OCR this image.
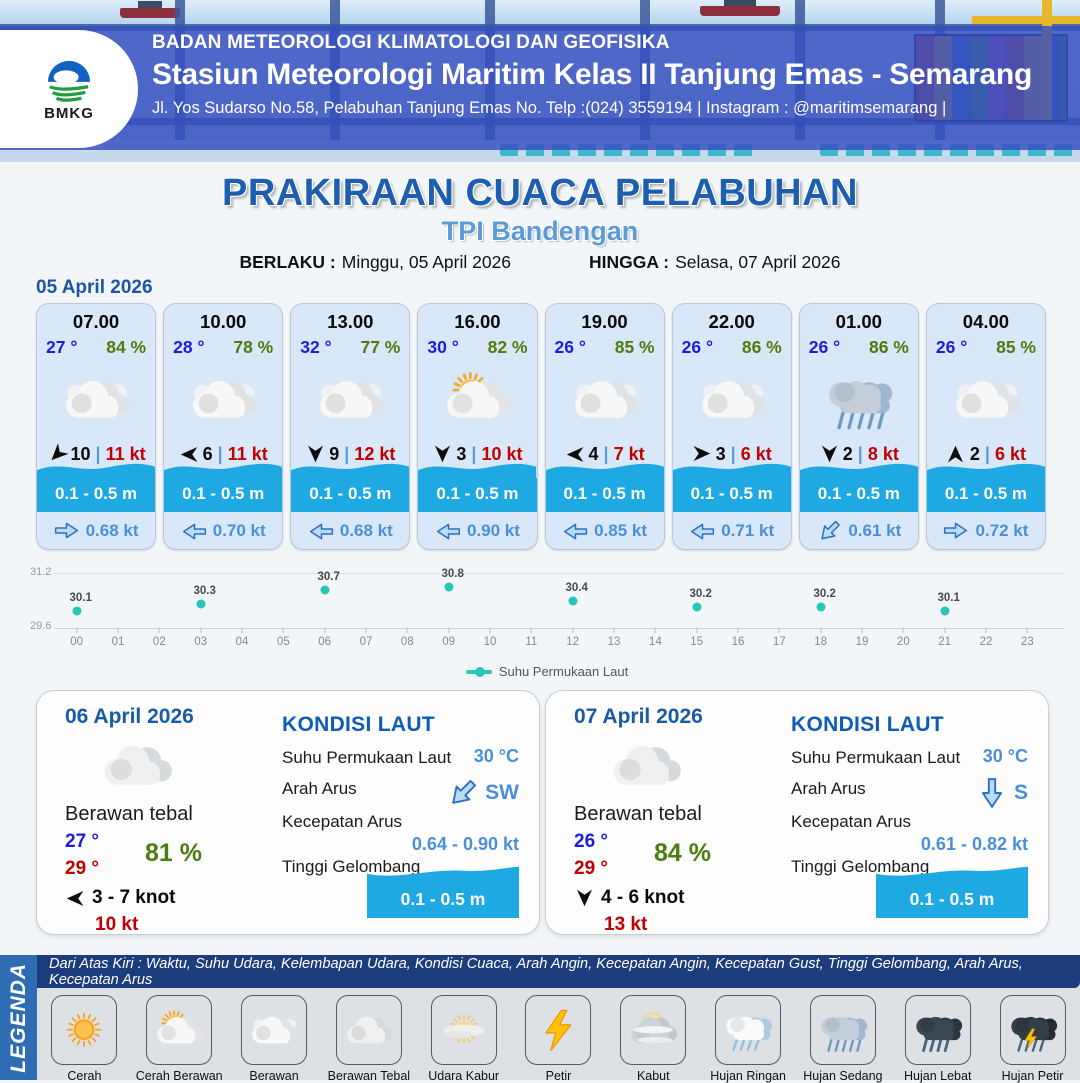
BMKG
BADAN METEOROLOGI KLIMATOLOGI DAN GEOFISIKA
Stasiun Meteorologi Maritim Kelas II Tanjung Emas - Semarang
Jl. Yos Sudarso No.58, Pelabuhan Tanjung Emas No. Telp :(024) 3559194 | Instagram : @maritimsemarang |
PRAKIRAAN CUACA PELABUHAN
TPI Bandengan
BERLAKU : Minggu, 05 April 2026	HINGGA : Selasa, 07 April 2026
05 April 2026
07.00
27 ° 84 %
10 | 11 kt
0.1 - 0.5 m
0.68 kt
10.00
28 ° 78 %
6 | 11 kt
0.1 - 0.5 m
0.70 kt
13.00
32 ° 77 %
9 | 12 kt
0.1 - 0.5 m
0.68 kt
16.00
30 ° 82 %
3 | 10 kt
0.1 - 0.5 m
0.90 kt
19.00
26 ° 85 %
4 | 7 kt
0.1 - 0.5 m
0.85 kt
22.00
26 ° 86 %
3 | 6 kt
0.1 - 0.5 m
0.71 kt
01.00
26 ° 86 %
2 | 8 kt
0.1 - 0.5 m
0.61 kt
04.00
26 ° 85 %
2 | 6 kt
0.1 - 0.5 m
0.72 kt
31.2
29.6
00 01 02 03 04 05 06 07 08 09 10	11	12 13 14 15 16 17 18 19 20 21 22 23
30.1
30.3
30.7	30.8
30.4
30.2	30.2	30.1
Suhu Permukaan Laut
06 April 2026
Berawan tebal
27 °
29 °
81 %
3 - 7 knot
10 kt
KONDISI LAUT
Suhu Permukaan Laut 30 °C
Arah Arus	SW
Kecepatan Arus
0.64 - 0.90 kt
Tinggi Gelombang
0.1 - 0.5 m
07 April 2026
Berawan tebal
26 °
29 °
84 %
4 - 6 knot
13 kt
KONDISI LAUT
Suhu Permukaan Laut 30 °C
Arah Arus	S
Kecepatan Arus
0.61 - 0.82 kt
Tinggi Gelombang
0.1 - 0.5 m
LEGENDA	Dari Atas Kiri : Waktu, Suhu Udara, Kelembapan Udara, Kondisi Cuaca, Arah Angin, Kecepatan Angin, Kecepatan Gust, Tinggi Gelombang, Arah Arus, Kecepatan Arus
Cerah	Cerah Berawan Berawan Berawan Tebal Udara Kabur	Petir	Kabut	Hujan Ringan Hujan Sedang Hujan Lebat Hujan Petir
